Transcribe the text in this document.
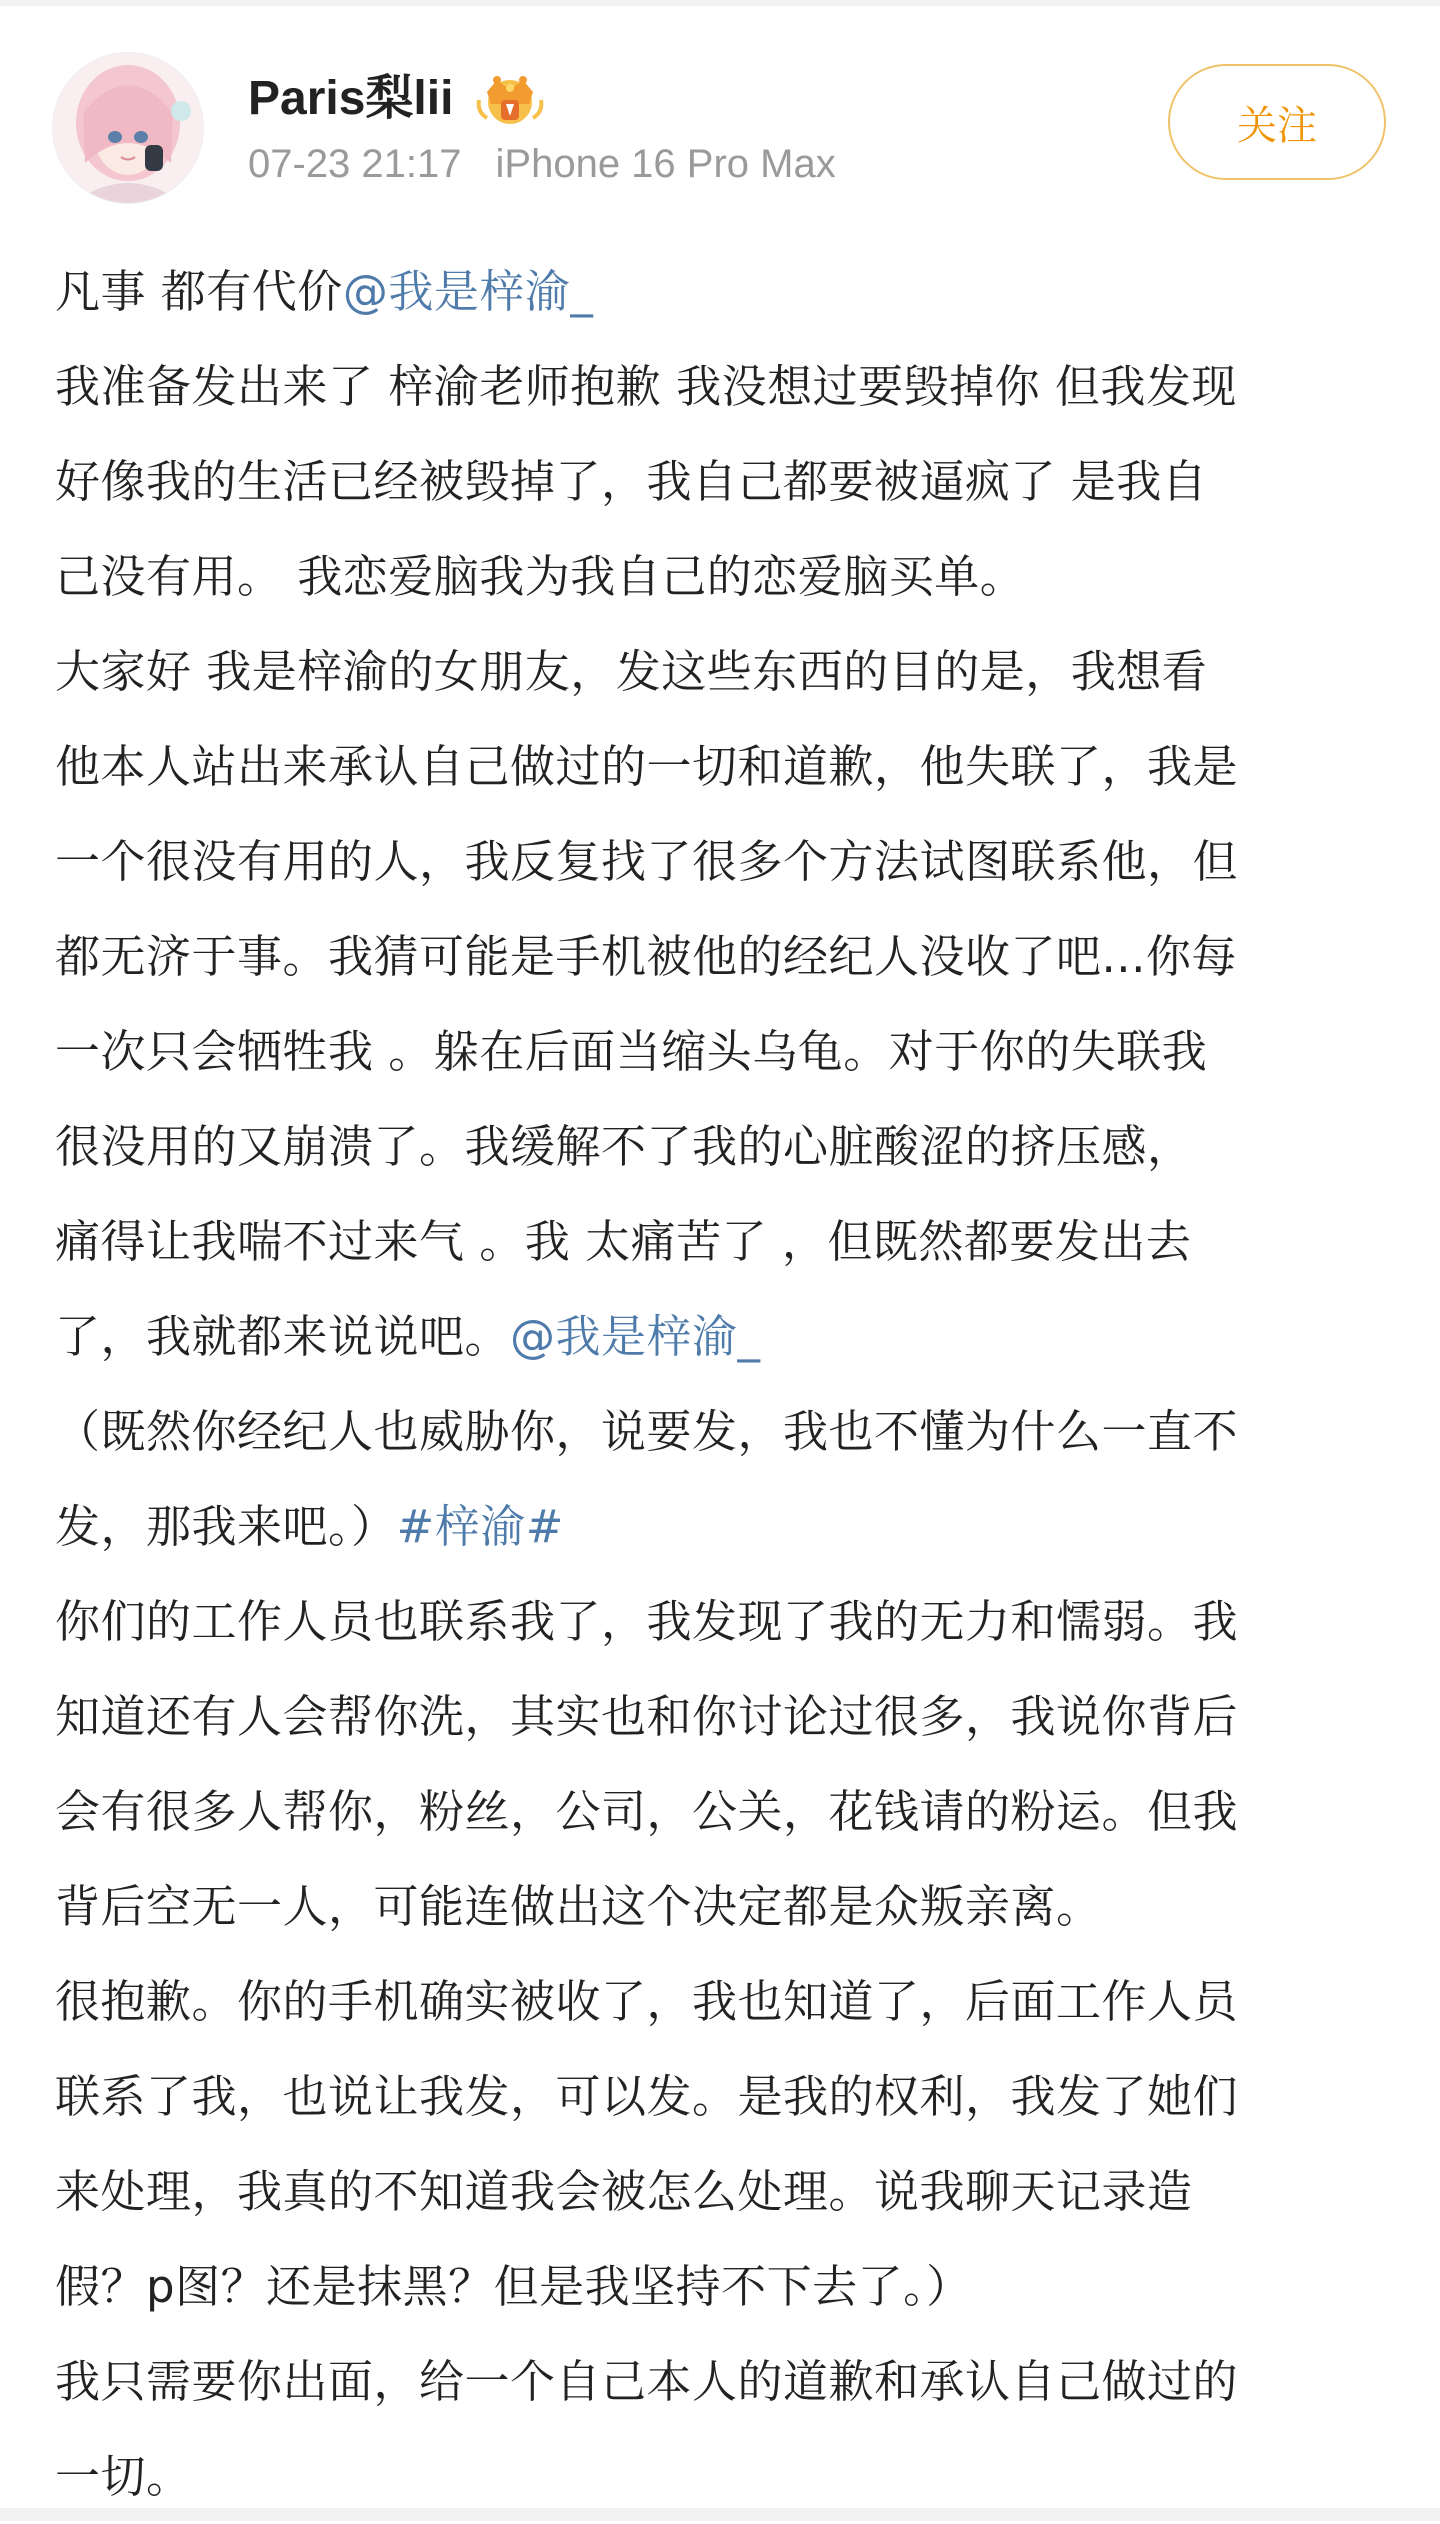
Paris梨lii
07-23 21:17 iPhone 16 Pro Max
关注
凡事 都有代价@我是梓渝_
我准备发出来了 梓渝老师抱歉 我没想过要毁掉你 但我发现
好像我的生活已经被毁掉了，我自己都要被逼疯了 是我自
己没有用。 我恋爱脑我为我自己的恋爱脑买单。
大家好 我是梓渝的女朋友，发这些东西的目的是，我想看
他本人站出来承认自己做过的一切和道歉，他失联了，我是
一个很没有用的人，我反复找了很多个方法试图联系他，但
都无济于事。我猜可能是手机被他的经纪人没收了吧...你每
一次只会牺牲我 。躲在后面当缩头乌龟。对于你的失联我
很没用的又崩溃了。我缓解不了我的心脏酸涩的挤压感，
痛得让我喘不过来气 。我 太痛苦了 ，但既然都要发出去
了，我就都来说说吧。@我是梓渝_
（既然你经纪人也威胁你，说要发，我也不懂为什么一直不
发，那我来吧。）#梓渝#
你们的工作人员也联系我了，我发现了我的无力和懦弱。我
知道还有人会帮你洗，其实也和你讨论过很多，我说你背后
会有很多人帮你，粉丝，公司，公关，花钱请的粉运。但我
背后空无一人，可能连做出这个决定都是众叛亲离。
很抱歉。你的手机确实被收了，我也知道了，后面工作人员
联系了我，也说让我发，可以发。是我的权利，我发了她们
来处理，我真的不知道我会被怎么处理。说我聊天记录造
假？p图？还是抹黑？但是我坚持不下去了。）
我只需要你出面，给一个自己本人的道歉和承认自己做过的
一切。
